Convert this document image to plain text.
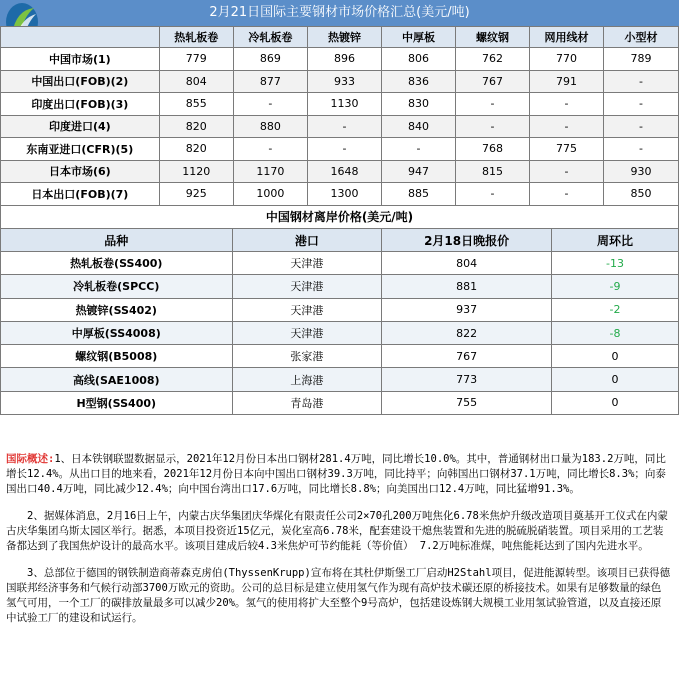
2月21日国际主要钢材市场价格汇总(美元/吨)
	热轧板卷	冷轧板卷	热镀锌	中厚板	螺纹钢	网用线材	小型材
中国市场(1)	779	869	896	806	762	770	789
中国出口(FOB)(2)	804	877	933	836	767	791	-
印度出口(FOB)(3)	855	-	1130	830	-	-	-
印度进口(4)	820	880	-	840	-	-	-
东南亚进口(CFR)(5)	820	-	-	-	768	775	-
日本市场(6)	1120	1170	1648	947	815	-	930
日本出口(FOB)(7)	925	1000	1300	885	-	-	850
中国钢材离岸价格(美元/吨)
品种	港口	2月18日晚报价	周环比
热轧板卷(SS400)	天津港	804	-13
冷轧板卷(SPCC)	天津港	881	-9
热镀锌(SS402)	天津港	937	-2
中厚板(SS4008)	天津港	822	-8
螺纹钢(B5008)	张家港	767	0
高线(SAE1008)	上海港	773	0
H型钢(SS400)	青岛港	755	0

国际概述:1、日本铁钢联盟数据显示，2021年12月份日本出口钢材281.4万吨，同比增长10.0%。其中，普通钢材出口量为183.2万吨，同比增长12.4%。从出口目的地来看，2021年12月份日本向中国出口钢材39.3万吨，同比持平；向韩国出口钢材37.1万吨，同比增长8.3%；向泰国出口40.4万吨，同比减少12.4%；向中国台湾出口17.6万吨，同比增长8.8%；向美国出口12.4万吨，同比猛增91.3%。

　　2、据媒体消息，2月16日上午，内蒙古庆华集团庆华煤化有限责任公司2×70孔200万吨焦化6.78米焦炉升级改造项目奠基开工仪式在内蒙古庆华集团乌斯太园区举行。据悉，本项目投资近15亿元，炭化室高6.78米，配套建设干熄焦装置和先进的脱硫脱硝装置。项目采用的工艺装备都达到了我国焦炉设计的最高水平。该项目建成后较4.3米焦炉可节约能耗（等价值） 7.2万吨标准煤，吨焦能耗达到了国内先进水平。

　　3、总部位于德国的钢铁制造商蒂森克虏伯(ThyssenKrupp)宣布将在其杜伊斯堡工厂启动H2Stahl项目，促进能源转型。该项目已获得德国联邦经济事务和气候行动部3700万欧元的资助。公司的总目标是建立使用氢气作为现有高炉技术碳还原的桥接技术。如果有足够数量的绿色氢气可用，一个工厂的碳排放量最多可以减少20%。氢气的使用将扩大至整个9号高炉，包括建设炼钢大规模工业用氢试验管道，以及直接还原中试验工厂的建设和试运行。
